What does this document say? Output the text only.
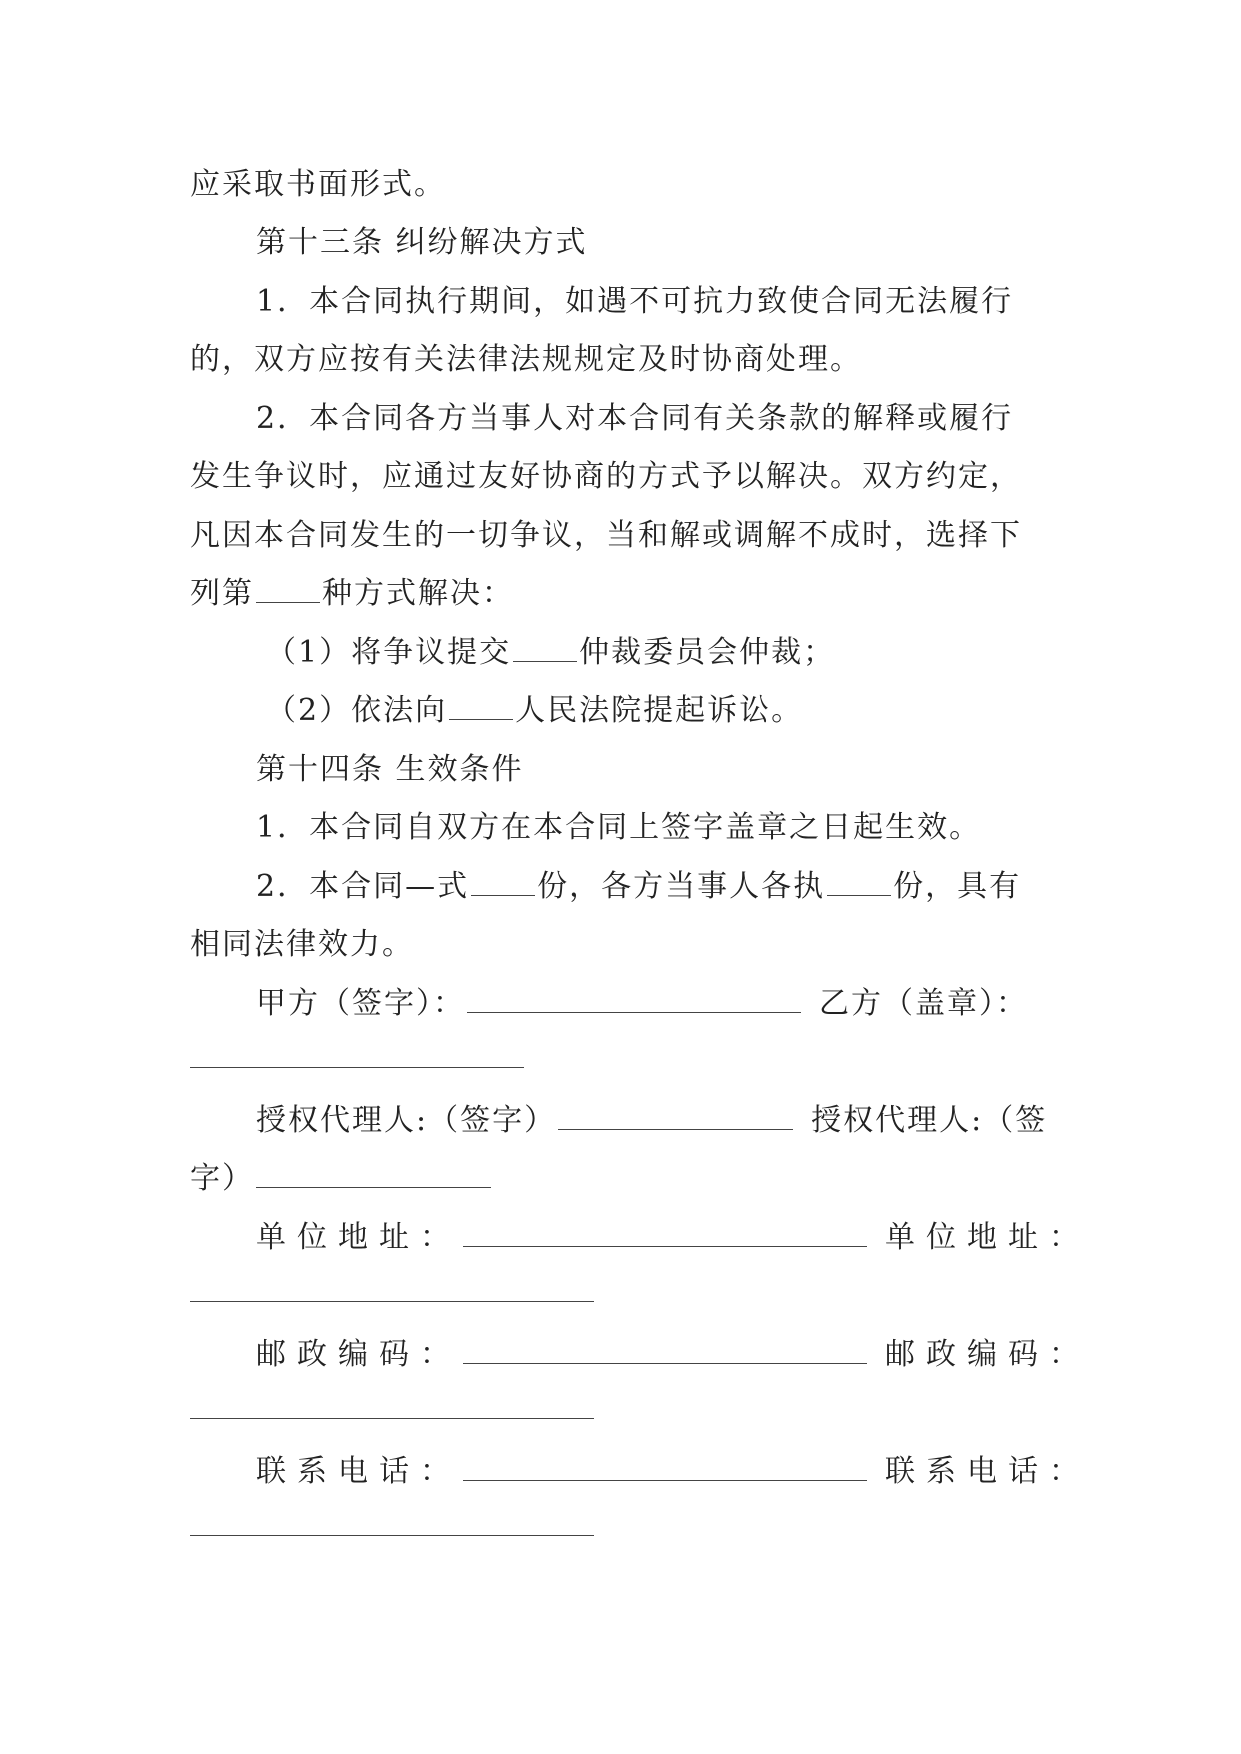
应采取书面形式。
第十三条 纠纷解决方式
1．本合同执行期间，如遇不可抗力致使合同无法履行
的，双方应按有关法律法规规定及时协商处理。
2．本合同各方当事人对本合同有关条款的解释或履行
发生争议时，应通过友好协商的方式予以解决。双方约定，
凡因本合同发生的一切争议，当和解或调解不成时，选择下
列第 种方式解决：
（1）将争议提交 仲裁委员会仲裁；
（2）依法向 人民法院提起诉讼。
第十四条 生效条件
1．本合同自双方在本合同上签字盖章之日起生效。
2．本合同—式 份，各方当事人各执 份，具有
相同法律效力。
甲方（签字）：	乙方（盖章）：
授权代理人:（签字）	授权代理人:（签
字）
单位地址：	单位地址：
邮政编码：	邮政编码：
联系电话：	联系电话：
